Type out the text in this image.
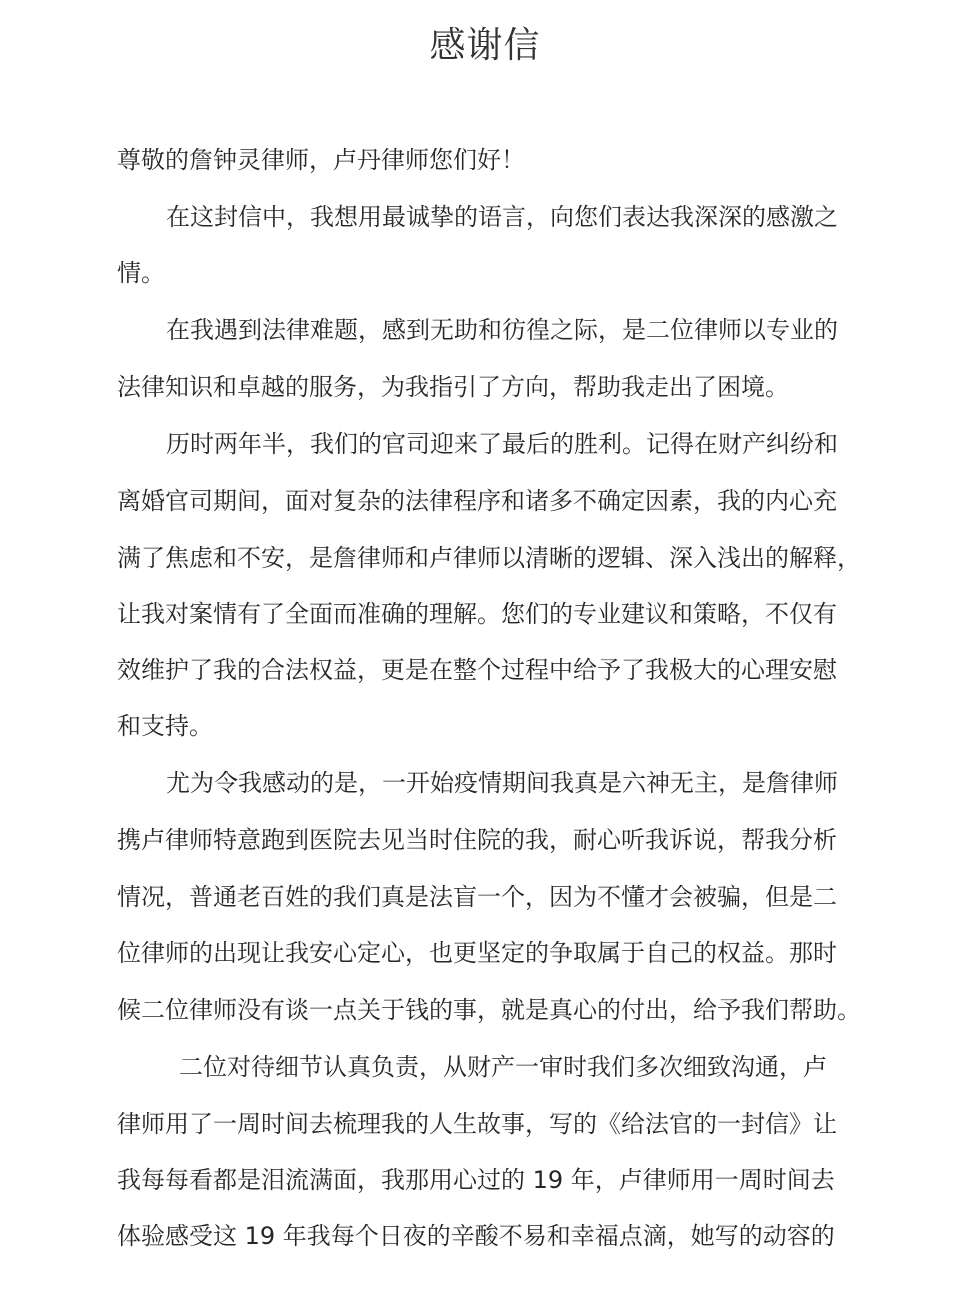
感谢信
尊敬的詹钟灵律师，卢丹律师您们好！
在这封信中，我想用最诚挚的语言，向您们表达我深深的感激之
情。
在我遇到法律难题，感到无助和彷徨之际，是二位律师以专业的
法律知识和卓越的服务，为我指引了方向，帮助我走出了困境。
历时两年半，我们的官司迎来了最后的胜利。记得在财产纠纷和
离婚官司期间，面对复杂的法律程序和诸多不确定因素，我的内心充
满了焦虑和不安，是詹律师和卢律师以清晰的逻辑、深入浅出的解释，
让我对案情有了全面而准确的理解。您们的专业建议和策略，不仅有
效维护了我的合法权益，更是在整个过程中给予了我极大的心理安慰
和支持。
尤为令我感动的是，一开始疫情期间我真是六神无主，是詹律师
携卢律师特意跑到医院去见当时住院的我，耐心听我诉说，帮我分析
情况，普通老百姓的我们真是法盲一个，因为不懂才会被骗，但是二
位律师的出现让我安心定心，也更坚定的争取属于自己的权益。那时
候二位律师没有谈一点关于钱的事，就是真心的付出，给予我们帮助。
二位对待细节认真负责，从财产一审时我们多次细致沟通，卢
律师用了一周时间去梳理我的人生故事，写的《给法官的一封信》让
我每每看都是泪流满面，我那用心过的 19 年，卢律师用一周时间去
体验感受这 19 年我每个日夜的辛酸不易和幸福点滴，她写的动容的
